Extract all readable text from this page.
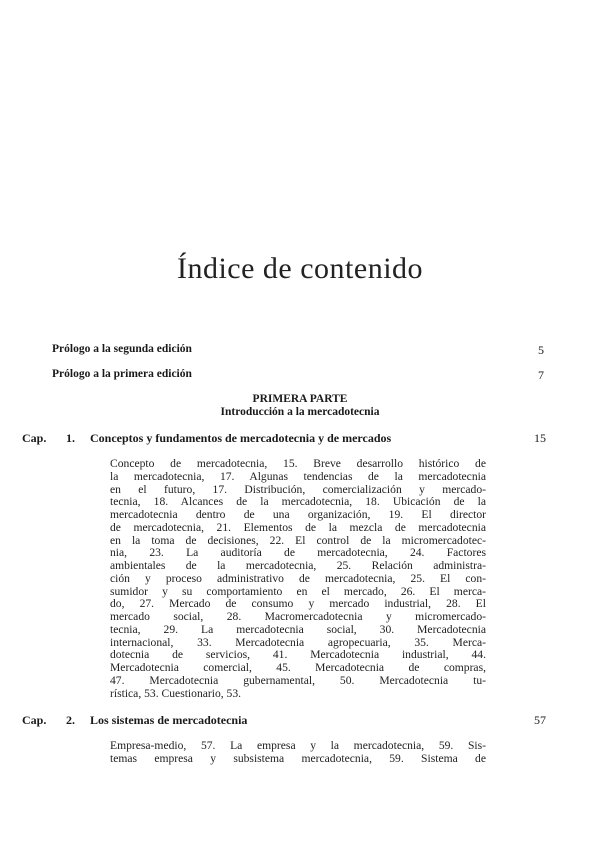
Índice de contenido
Prólogo a la segunda edición	5
Prólogo a la primera edición	7
PRIMERA PARTE
Introducción a la mercadotecnia
Cap.	1.	Conceptos y fundamentos de mercadotecnia y de mercados	15
Concepto de mercadotecnia, 15. Breve desarrollo histórico de
la mercadotecnia, 17. Algunas tendencias de la mercadotecnia
en el futuro, 17. Distribución, comercialización y mercado-
tecnia, 18. Alcances de la mercadotecnia, 18. Ubicación de la
mercadotecnia dentro de una organización, 19. El director
de mercadotecnia, 21. Elementos de la mezcla de mercadotecnia
en la toma de decisiones, 22. El control de la micromercadotec-
nia, 23. La auditoría de mercadotecnia, 24. Factores
ambientales de la mercadotecnia, 25. Relación administra-
ción y proceso administrativo de mercadotecnia, 25. El con-
sumidor y su comportamiento en el mercado, 26. El merca-
do, 27. Mercado de consumo y mercado industrial, 28. El
mercado social, 28. Macromercadotecnia y micromercado-
tecnia, 29. La mercadotecnia social, 30. Mercadotecnia
internacional, 33. Mercadotecnia agropecuaria, 35. Merca-
dotecnia de servicios, 41. Mercadotecnia industrial, 44.
Mercadotecnia comercial, 45. Mercadotecnia de compras,
47. Mercadotecnia gubernamental, 50. Mercadotecnia tu-
rística, 53. Cuestionario, 53.
Cap.	2.	Los sistemas de mercadotecnia	57
Empresa-medio, 57. La empresa y la mercadotecnia, 59. Sis-
temas empresa y subsistema mercadotecnia, 59. Sistema de
